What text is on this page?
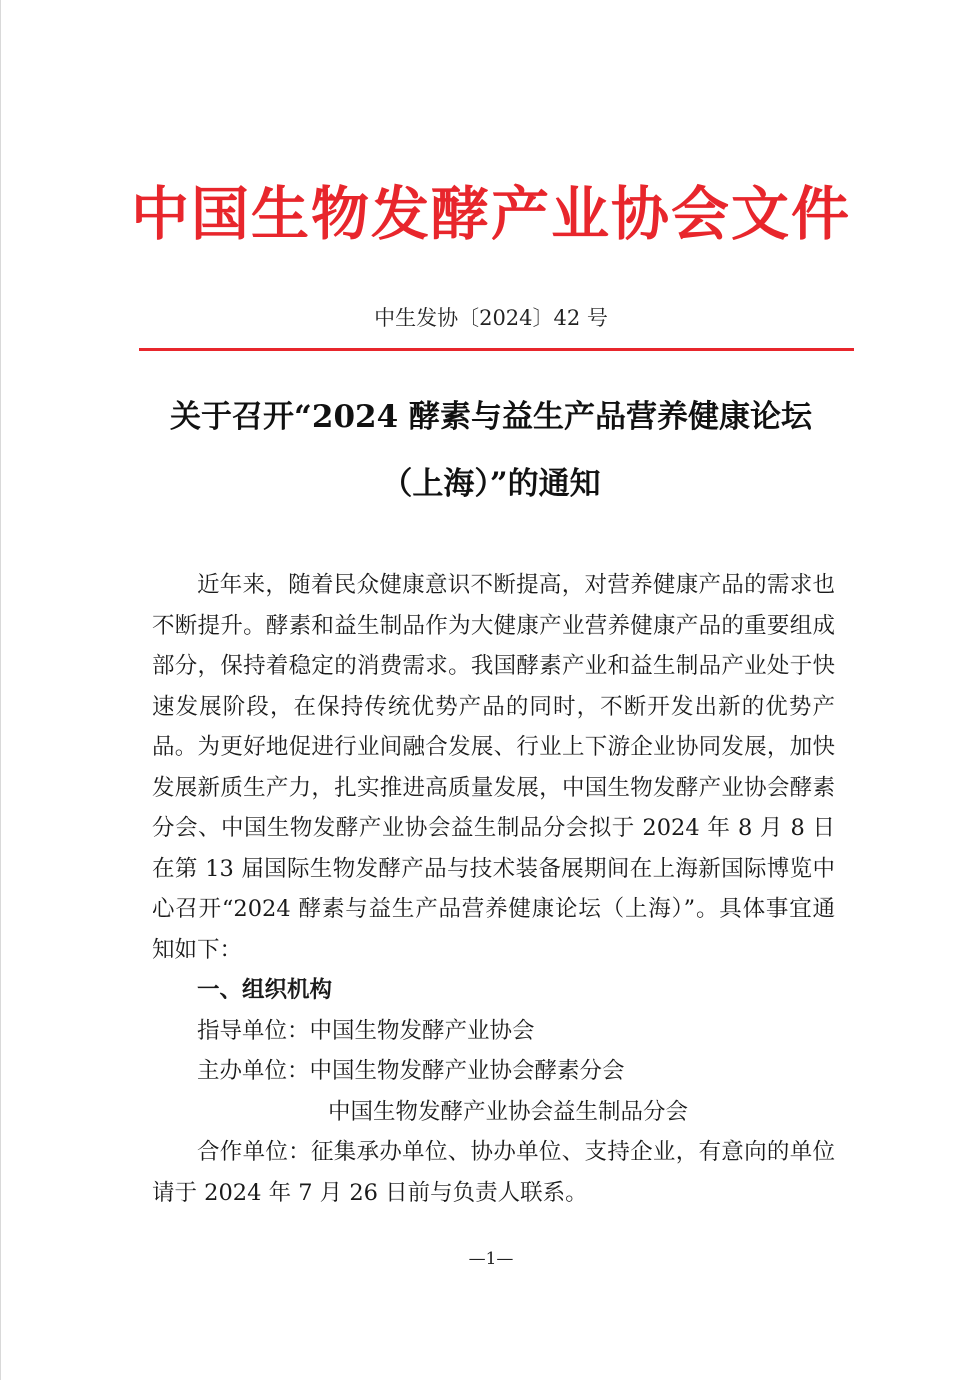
中国生物发酵产业协会文件
中生发协〔2024〕42 号
关于召开“2024 酵素与益生产品营养健康论坛
（上海）”的通知

近年来，随着民众健康意识不断提高，对营养健康产品的需求也不断提升。酵素和益生制品作为大健康产业营养健康产品的重要组成部分，保持着稳定的消费需求。我国酵素产业和益生制品产业处于快速发展阶段，在保持传统优势产品的同时，不断开发出新的优势产品。为更好地促进行业间融合发展、行业上下游企业协同发展，加快发展新质生产力，扎实推进高质量发展，中国生物发酵产业协会酵素分会、中国生物发酵产业协会益生制品分会拟于 2024 年 8 月 8 日在第 13 届国际生物发酵产品与技术装备展期间在上海新国际博览中心召开“2024 酵素与益生产品营养健康论坛（上海）”。具体事宜通知如下：

一、组织机构

指导单位：中国生物发酵产业协会

主办单位：中国生物发酵产业协会酵素分会

中国生物发酵产业协会益生制品分会

合作单位：征集承办单位、协办单位、支持企业，有意向的单位请于 2024 年 7 月 26 日前与负责人联系。

—1—
